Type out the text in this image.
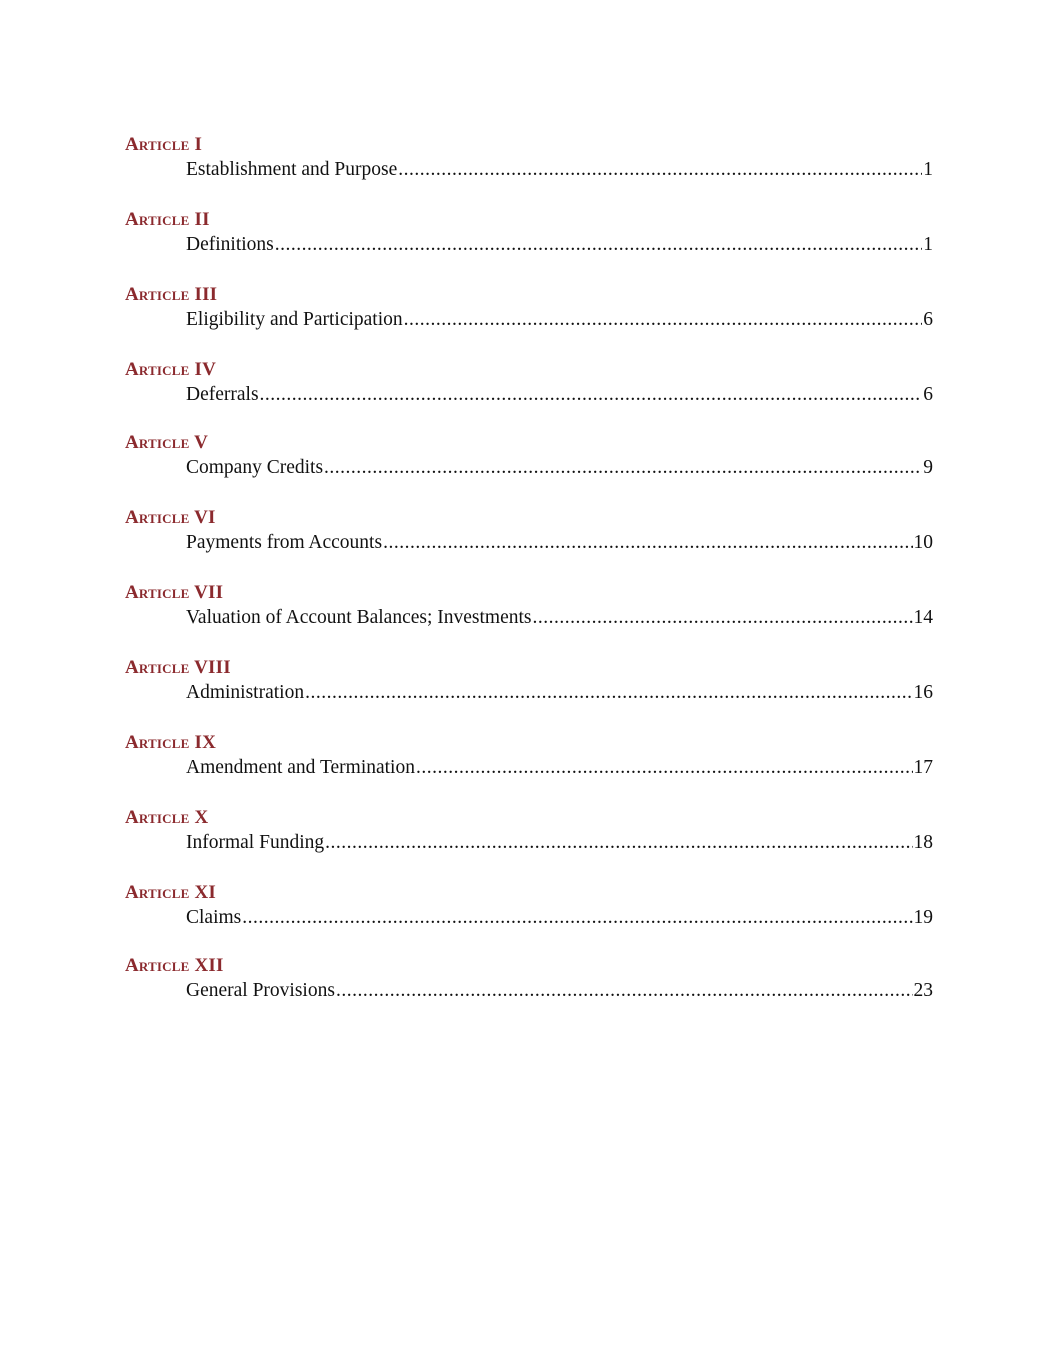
Article I
Establishment and Purpose .....	1
Article II
Definitions .....	1
Article III
Eligibility and Participation .....	6
Article IV
Deferrals .....	6
Article V
Company Credits .....	9
Article VI
Payments from Accounts .....	10
Article VII
Valuation of Account Balances; Investments .....	14
Article VIII
Administration .....	16
Article IX
Amendment and Termination .....	17
Article X
Informal Funding .....	18
Article XI
Claims .....	19
Article XII
General Provisions .....	23
